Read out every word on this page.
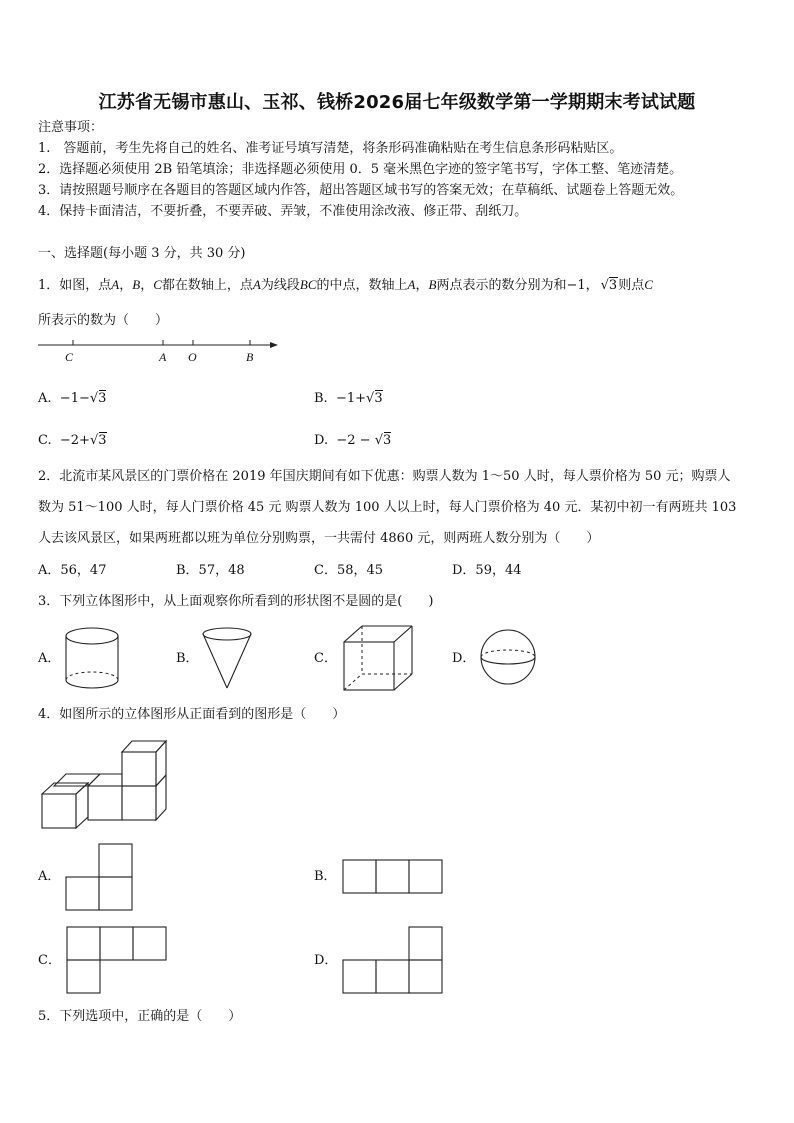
江苏省无锡市惠山、玉祁、钱桥2026届七年级数学第一学期期末考试试题
注意事项：
1.　答题前，考生先将自己的姓名、准考证号填写清楚，将条形码准确粘贴在考生信息条形码粘贴区。
2．选择题必须使用 2B 铅笔填涂；非选择题必须使用 0．5 毫米黑色字迹的签字笔书写，字体工整、笔迹清楚。
3．请按照题号顺序在各题目的答题区域内作答，超出答题区域书写的答案无效；在草稿纸、试题卷上答题无效。
4．保持卡面清洁，不要折叠，不要弄破、弄皱，不准使用涂改液、修正带、刮纸刀。
一、选择题(每小题 3 分，共 30 分)
1．如图，点A，B，C都在数轴上，点A为线段BC的中点，数轴上A，B两点表示的数分别为和−1， √3则点C
所表示的数为（　　）
C	A O	B
A. −1−√3	B. −1+√3
C. −2+√3	D. −2 − √3
2．北流市某风景区的门票价格在 2019 年国庆期间有如下优惠：购票人数为 1～50 人时，每人票价格为 50 元；购票人
数为 51～100 人时，每人门票价格 45 元 购票人数为 100 人以上时，每人门票价格为 40 元．某初中初一有两班共 103
人去该风景区，如果两班都以班为单位分别购票，一共需付 4860 元，则两班人数分别为（　　）
A．56，47	B．57，48	C．58，45	D．59，44
3．下列立体图形中，从上面观察你所看到的形状图不是圆的是(　　)
A．	B．	C．	D．
4．如图所示的立体图形从正面看到的图形是（　　）
A．	B．
C．	D．
5．下列选项中，正确的是（　　）
